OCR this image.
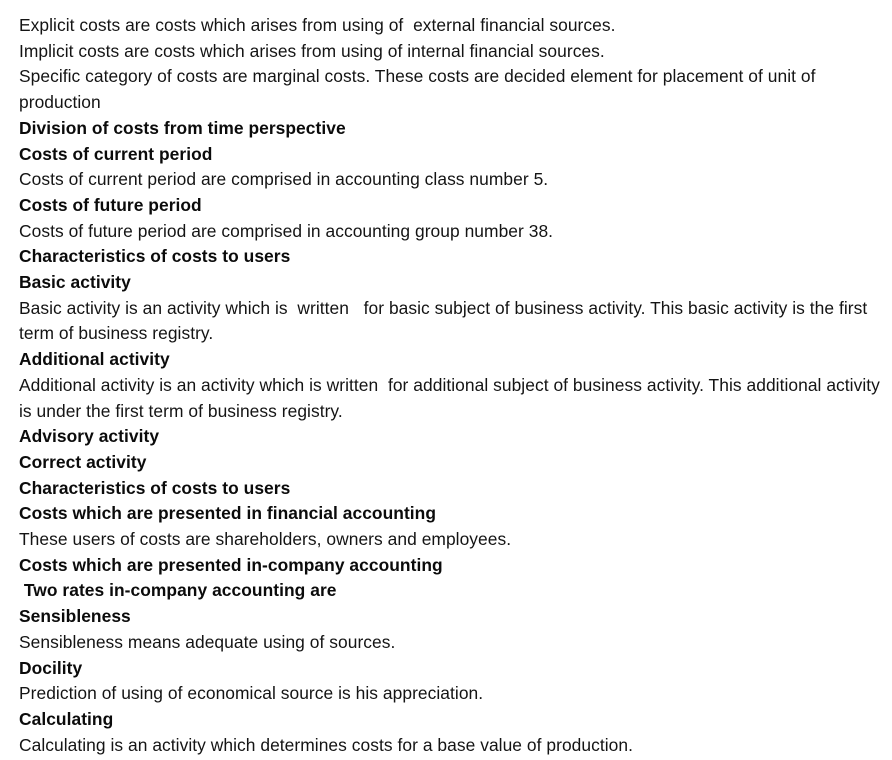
Explicit costs are costs which arises from using of  external financial sources.

Implicit costs are costs which arises from using of internal financial sources.

Specific category of costs are marginal costs. These costs are decided element for placement of unit of production

Division of costs from time perspective

Costs of current period

Costs of current period are comprised in accounting class number 5.

Costs of future period

Costs of future period are comprised in accounting group number 38.

Characteristics of costs to users

Basic activity

Basic activity is an activity which is  written   for basic subject of business activity. This basic activity is the first term of business registry.

Additional activity

Additional activity is an activity which is written  for additional subject of business activity. This additional activity is under the first term of business registry.

Advisory activity

Correct activity

Characteristics of costs to users

Costs which are presented in financial accounting

These users of costs are shareholders, owners and employees.

Costs which are presented in-company accounting

Two rates in-company accounting are

Sensibleness

Sensibleness means adequate using of sources.

Docility

Prediction of using of economical source is his appreciation.

Calculating

Calculating is an activity which determines costs for a base value of production.
